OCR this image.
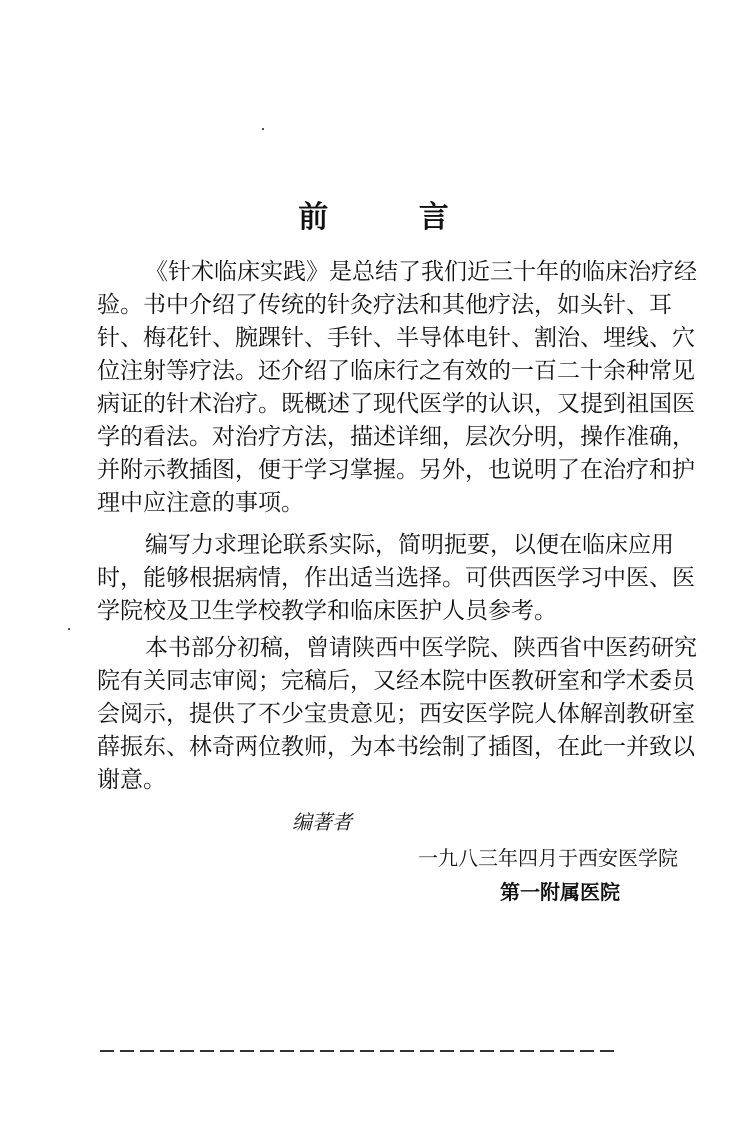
前 言
《针术临床实践》是总结了我们近三十年的临床治疗经
验。书中介绍了传统的针灸疗法和其他疗法，如头针、耳
针、梅花针、腕踝针、手针、半导体电针、割治、埋线、穴
位注射等疗法。还介绍了临床行之有效的一百二十余种常见
病证的针术治疗。既概述了现代医学的认识，又提到祖国医
学的看法。对治疗方法，描述详细，层次分明，操作准确，
并附示教插图，便于学习掌握。另外，也说明了在治疗和护
理中应注意的事项。
编写力求理论联系实际，简明扼要，以便在临床应用
时，能够根据病情，作出适当选择。可供西医学习中医、医
学院校及卫生学校教学和临床医护人员参考。
本书部分初稿，曾请陕西中医学院、陕西省中医药研究
院有关同志审阅；完稿后，又经本院中医教研室和学术委员
会阅示，提供了不少宝贵意见；西安医学院人体解剖教研室
薛振东、林奇两位教师，为本书绘制了插图，在此一并致以
谢意。
编著者
一九八三年四月于西安医学院
第一附属医院
